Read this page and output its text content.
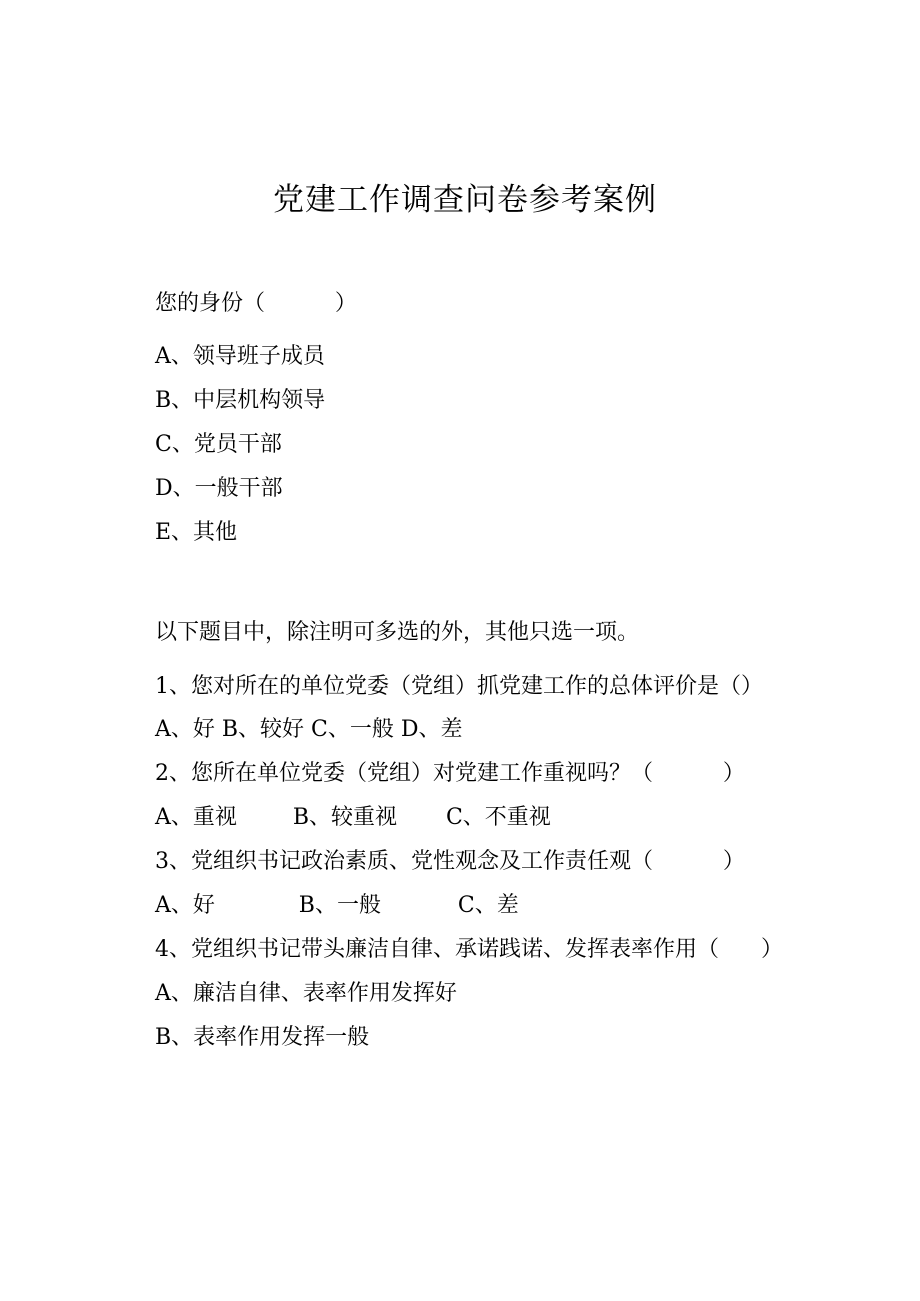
党建工作调查问卷参考案例
您的身份（          ）
A、领导班子成员
B、中层机构领导
C、党员干部
D、一般干部
E、其他
以下题目中，除注明可多选的外，其他只选一项。
1、您对所在的单位党委（党组）抓党建工作的总体评价是（）
A、好 B、较好 C、一般 D、差
2、您所在单位党委（党组）对党建工作重视吗？（          ）
A、重视        B、较重视       C、不重视
3、党组织书记政治素质、党性观念及工作责任观（          ）
A、好            B、一般           C、差
4、党组织书记带头廉洁自律、承诺践诺、发挥表率作用（      ）
A、廉洁自律、表率作用发挥好
B、表率作用发挥一般
